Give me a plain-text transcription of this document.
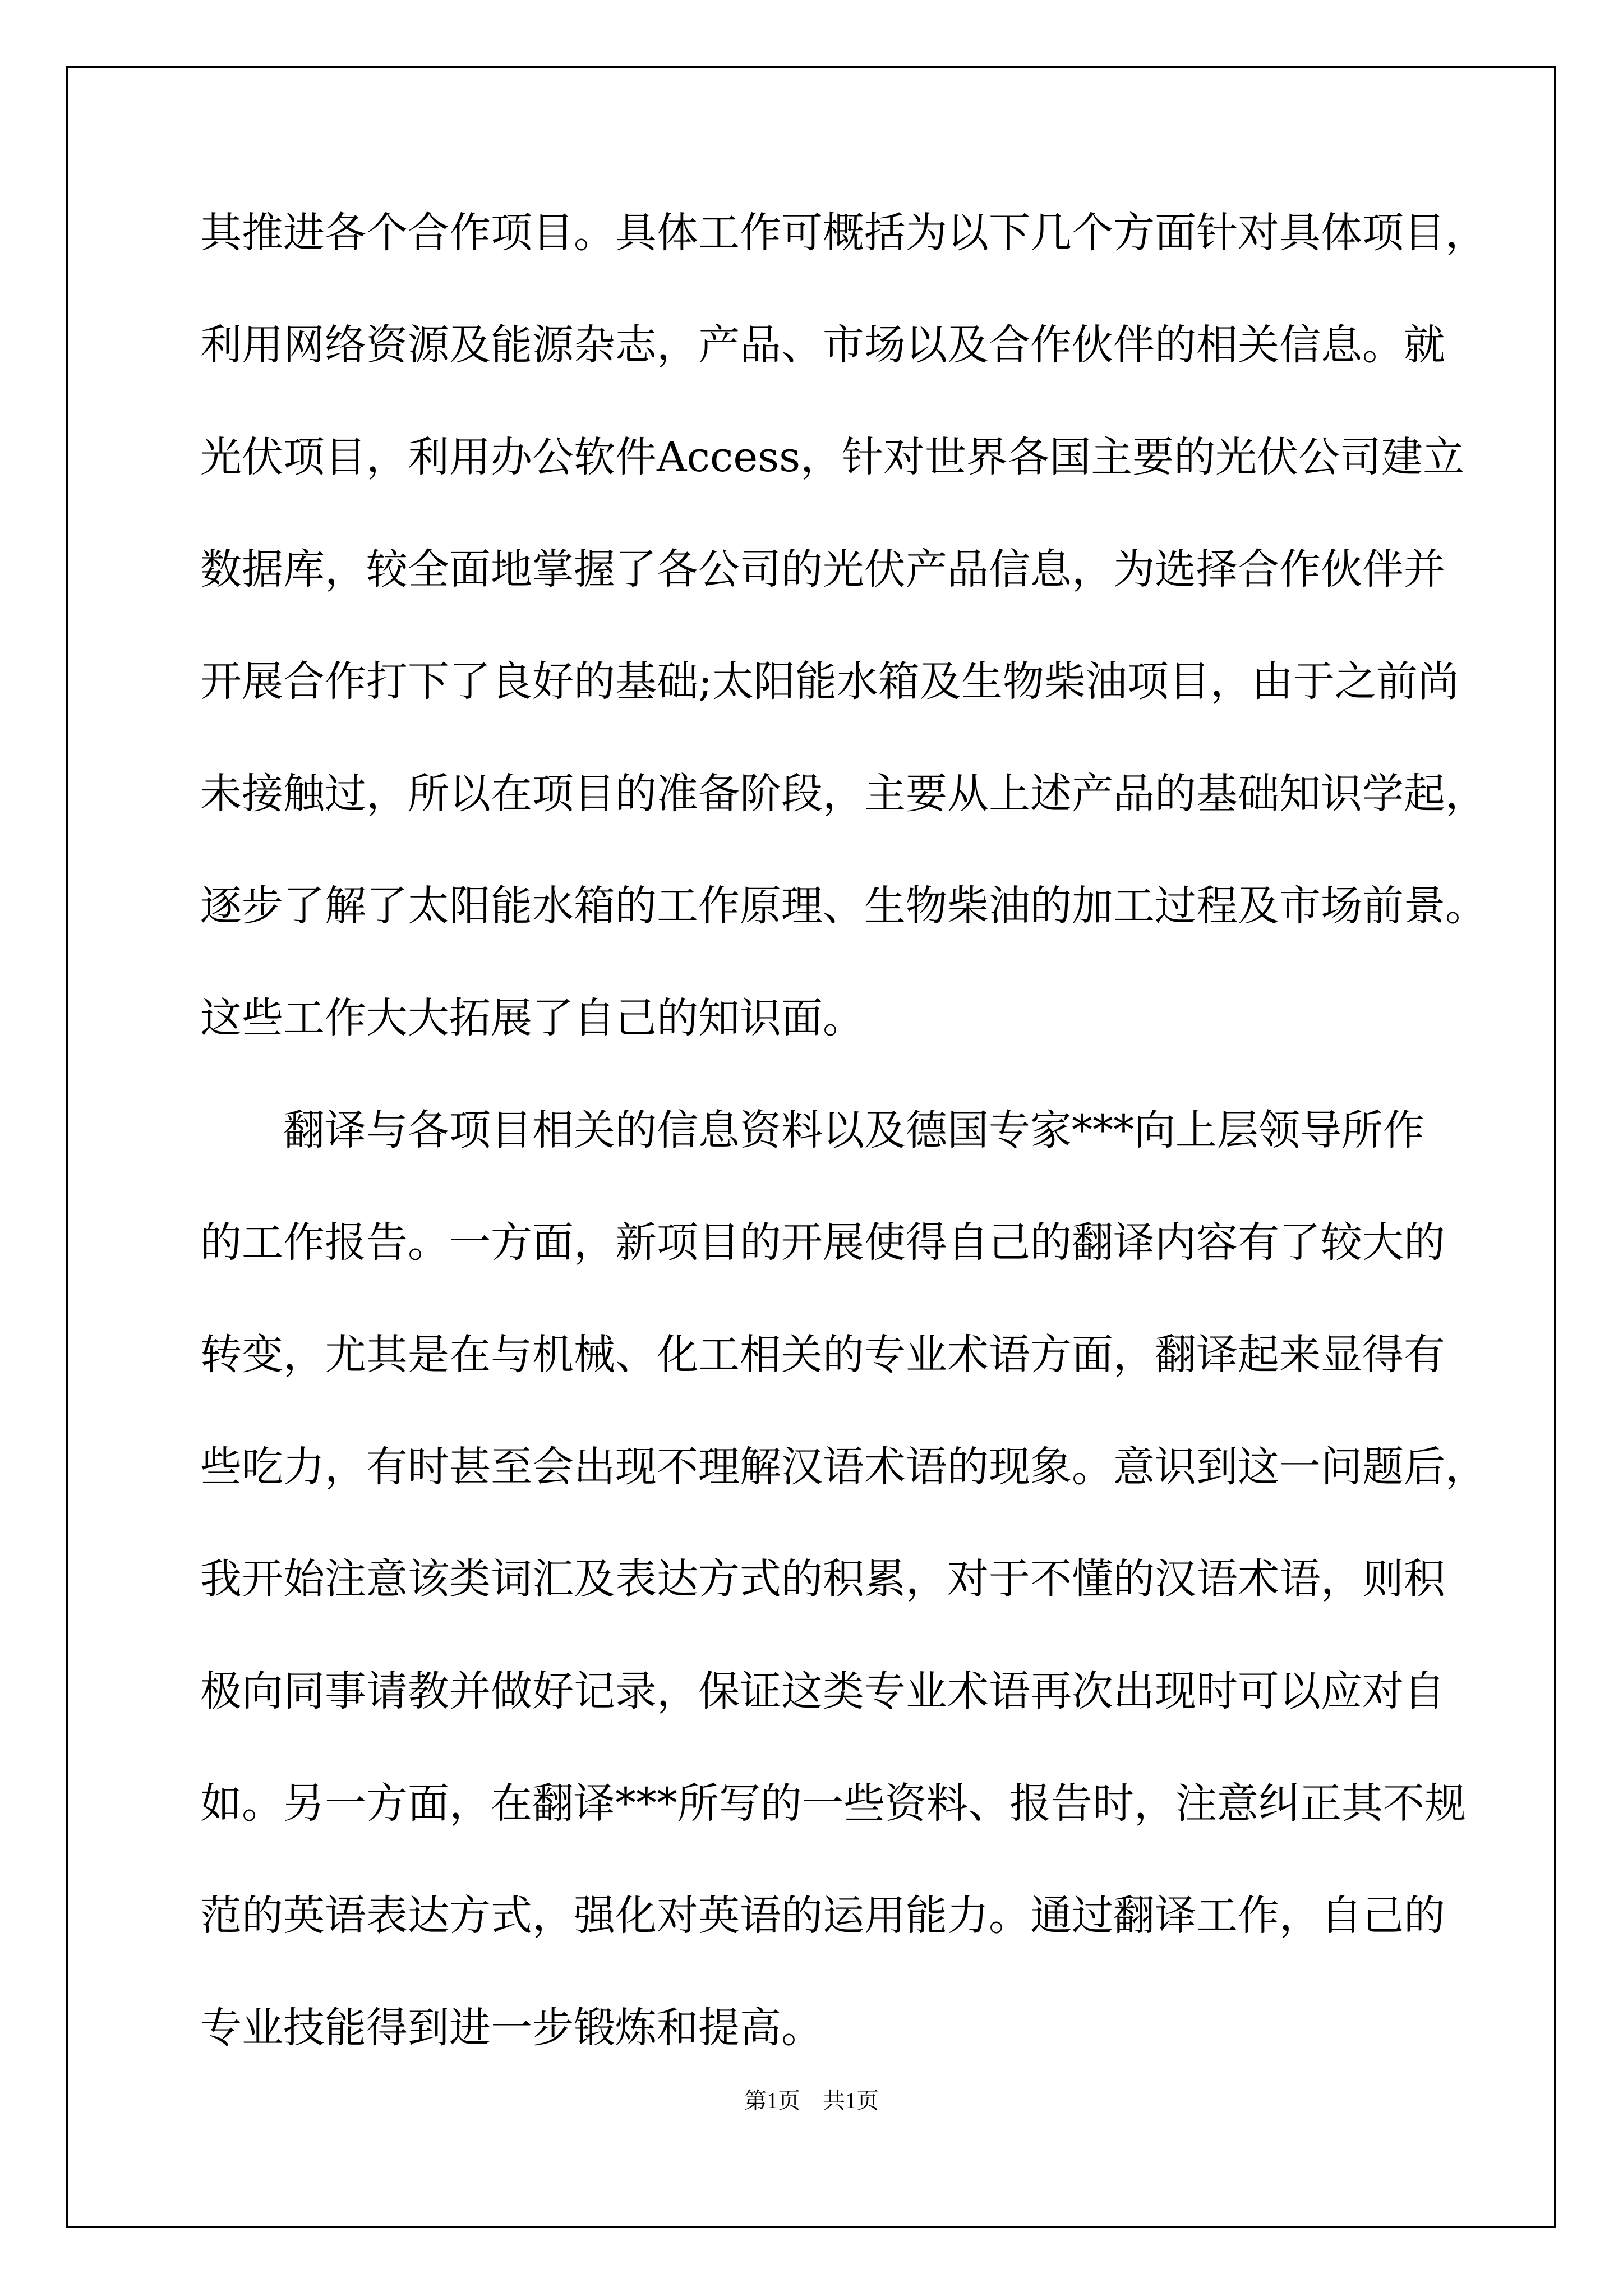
其推进各个合作项目。具体工作可概括为以下几个方面针对具体项目，
利用网络资源及能源杂志，产品、市场以及合作伙伴的相关信息。就
光伏项目，利用办公软件Access，针对世界各国主要的光伏公司建立
数据库，较全面地掌握了各公司的光伏产品信息，为选择合作伙伴并
开展合作打下了良好的基础;太阳能水箱及生物柴油项目，由于之前尚
未接触过，所以在项目的准备阶段，主要从上述产品的基础知识学起，
逐步了解了太阳能水箱的工作原理、生物柴油的加工过程及市场前景。
这些工作大大拓展了自己的知识面。
　　翻译与各项目相关的信息资料以及德国专家***向上层领导所作
的工作报告。一方面，新项目的开展使得自己的翻译内容有了较大的
转变，尤其是在与机械、化工相关的专业术语方面，翻译起来显得有
些吃力，有时甚至会出现不理解汉语术语的现象。意识到这一问题后，
我开始注意该类词汇及表达方式的积累，对于不懂的汉语术语，则积
极向同事请教并做好记录，保证这类专业术语再次出现时可以应对自
如。另一方面，在翻译***所写的一些资料、报告时，注意纠正其不规
范的英语表达方式，强化对英语的运用能力。通过翻译工作，自己的
专业技能得到进一步锻炼和提高。
第1页　共1页
